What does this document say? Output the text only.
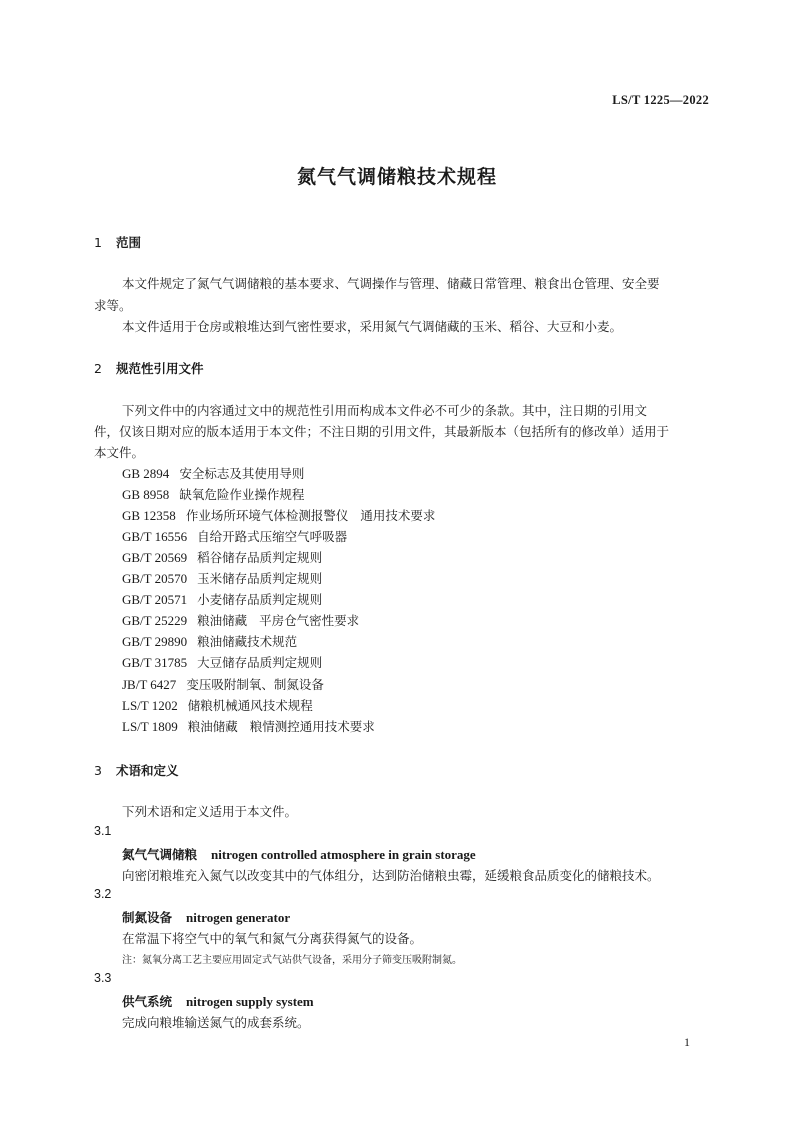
LS/T 1225—2022
氮气气调储粮技术规程
1 范围
本文件规定了氮气气调储粮的基本要求、气调操作与管理、储藏日常管理、粮食出仓管理、安全要
求等。
本文件适用于仓房或粮堆达到气密性要求，采用氮气气调储藏的玉米、稻谷、大豆和小麦。
2 规范性引用文件
下列文件中的内容通过文中的规范性引用而构成本文件必不可少的条款。其中，注日期的引用文
件，仅该日期对应的版本适用于本文件；不注日期的引用文件，其最新版本（包括所有的修改单）适用于
本文件。
GB 2894 安全标志及其使用导则
GB 8958 缺氧危险作业操作规程
GB 12358 作业场所环境气体检测报警仪 通用技术要求
GB/T 16556 自给开路式压缩空气呼吸器
GB/T 20569 稻谷储存品质判定规则
GB/T 20570 玉米储存品质判定规则
GB/T 20571 小麦储存品质判定规则
GB/T 25229 粮油储藏 平房仓气密性要求
GB/T 29890 粮油储藏技术规范
GB/T 31785 大豆储存品质判定规则
JB/T 6427 变压吸附制氧、制氮设备
LS/T 1202 储粮机械通风技术规程
LS/T 1809 粮油储藏 粮情测控通用技术要求
3 术语和定义
下列术语和定义适用于本文件。
3.1
氮气气调储粮 nitrogen controlled atmosphere in grain storage
向密闭粮堆充入氮气以改变其中的气体组分，达到防治储粮虫霉，延缓粮食品质变化的储粮技术。
3.2
制氮设备 nitrogen generator
在常温下将空气中的氧气和氮气分离获得氮气的设备。
注：氮氧分离工艺主要应用固定式气站供气设备，采用分子筛变压吸附制氮。
3.3
供气系统 nitrogen supply system
完成向粮堆输送氮气的成套系统。
1
